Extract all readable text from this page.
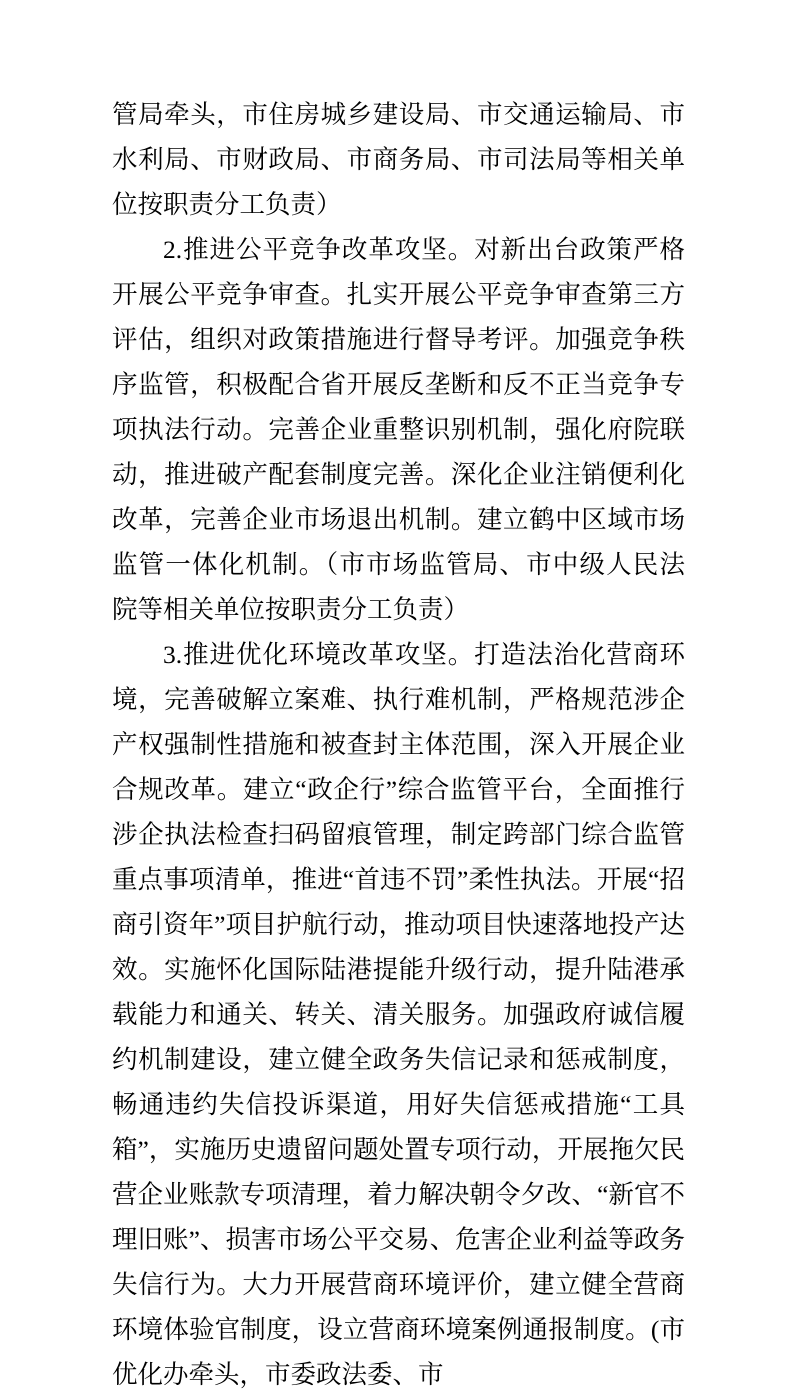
管局牵头，市住房城乡建设局、市交通运输局、市水利局、市财政局、市商务局、市司法局等相关单位按职责分工负责）

2.推进公平竞争改革攻坚。对新出台政策严格开展公平竞争审查。扎实开展公平竞争审查第三方评估，组织对政策措施进行督导考评。加强竞争秩序监管，积极配合省开展反垄断和反不正当竞争专项执法行动。完善企业重整识别机制，强化府院联动，推进破产配套制度完善。深化企业注销便利化改革，完善企业市场退出机制。建立鹤中区域市场监管一体化机制。（市市场监管局、市中级人民法院等相关单位按职责分工负责）

3.推进优化环境改革攻坚。打造法治化营商环境，完善破解立案难、执行难机制，严格规范涉企产权强制性措施和被查封主体范围，深入开展企业合规改革。建立“政企行”综合监管平台，全面推行涉企执法检查扫码留痕管理，制定跨部门综合监管重点事项清单，推进“首违不罚”柔性执法。开展“招商引资年”项目护航行动，推动项目快速落地投产达效。实施怀化国际陆港提能升级行动，提升陆港承载能力和通关、转关、清关服务。加强政府诚信履约机制建设，建立健全政务失信记录和惩戒制度，畅通违约失信投诉渠道，用好失信惩戒措施“工具箱”，实施历史遗留问题处置专项行动，开展拖欠民营企业账款专项清理，着力解决朝令夕改、“新官不理旧账”、损害市场公平交易、危害企业利益等政务失信行为。大力开展营商环境评价，建立健全营商环境体验官制度，设立营商环境案例通报制度。(市优化办牵头，市委政法委、市
